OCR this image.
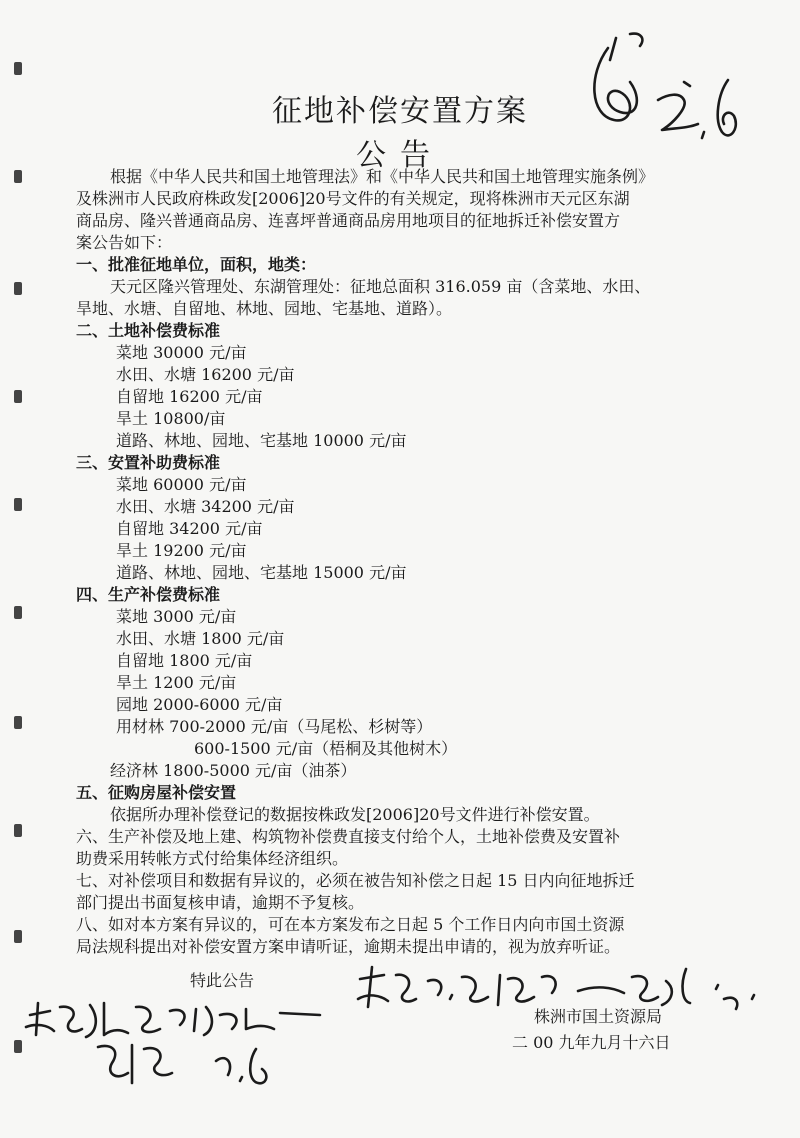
征地补偿安置方案
公告
根据《中华人民共和国土地管理法》和《中华人民共和国土地管理实施条例》
及株洲市人民政府株政发[2006]20号文件的有关规定，现将株洲市天元区东湖
商品房、隆兴普通商品房、连喜坪普通商品房用地项目的征地拆迁补偿安置方
案公告如下：
一、批准征地单位，面积，地类：
天元区隆兴管理处、东湖管理处：征地总面积 316.059 亩（含菜地、水田、
旱地、水塘、自留地、林地、园地、宅基地、道路）。
二、土地补偿费标准
菜地 30000 元/亩
水田、水塘 16200 元/亩
自留地 16200 元/亩
旱土 10800/亩
道路、林地、园地、宅基地 10000 元/亩
三、安置补助费标准
菜地 60000 元/亩
水田、水塘 34200 元/亩
自留地 34200 元/亩
旱土 19200 元/亩
道路、林地、园地、宅基地 15000 元/亩
四、生产补偿费标准
菜地 3000 元/亩
水田、水塘 1800 元/亩
自留地 1800 元/亩
旱土 1200 元/亩
园地 2000-6000 元/亩
用材林 700-2000 元/亩（马尾松、杉树等）
600-1500 元/亩（梧桐及其他树木）
经济林 1800-5000 元/亩（油茶）
五、征购房屋补偿安置
依据所办理补偿登记的数据按株政发[2006]20号文件进行补偿安置。
六、生产补偿及地上建、构筑物补偿费直接支付给个人，土地补偿费及安置补
助费采用转帐方式付给集体经济组织。
七、对补偿项目和数据有异议的，必须在被告知补偿之日起 15 日内向征地拆迁
部门提出书面复核申请，逾期不予复核。
八、如对本方案有异议的，可在本方案发布之日起 5 个工作日内向市国土资源
局法规科提出对补偿安置方案申请听证，逾期未提出申请的，视为放弃听证。
特此公告
株洲市国土资源局
二 00 九年九月十六日
